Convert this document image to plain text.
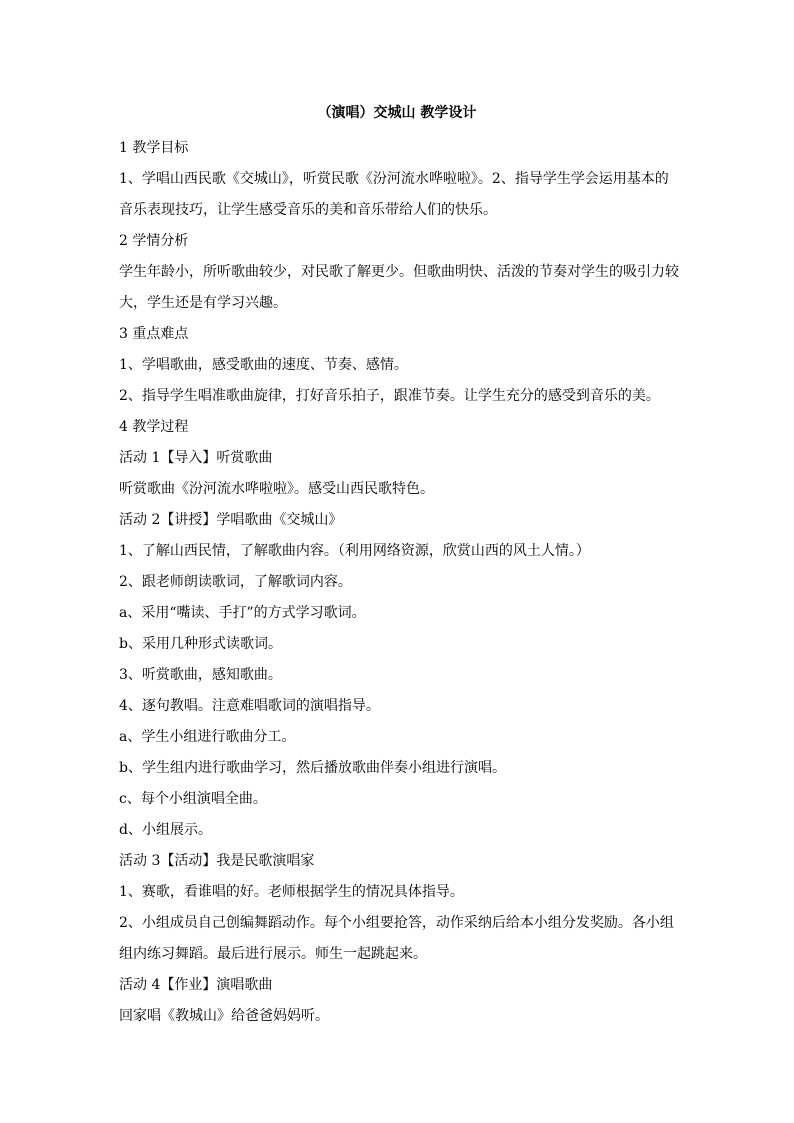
（演唱）交城山 教学设计
1 教学目标
1、学唱山西民歌《交城山》，听赏民歌《汾河流水哗啦啦》。2、指导学生学会运用基本的
音乐表现技巧，让学生感受音乐的美和音乐带给人们的快乐。
2 学情分析
学生年龄小，所听歌曲较少，对民歌了解更少。但歌曲明快、活泼的节奏对学生的吸引力较
大，学生还是有学习兴趣。
3 重点难点
1、学唱歌曲，感受歌曲的速度、节奏、感情。
2、指导学生唱准歌曲旋律，打好音乐拍子，跟准节奏。让学生充分的感受到音乐的美。
4 教学过程
活动 1【导入】听赏歌曲
听赏歌曲《汾河流水哗啦啦》。感受山西民歌特色。
活动 2【讲授】学唱歌曲《交城山》
1、了解山西民情，了解歌曲内容。（利用网络资源，欣赏山西的风土人情。）
2、跟老师朗读歌词，了解歌词内容。
a、采用“嘴读、手打”的方式学习歌词。
b、采用几种形式读歌词。
3、听赏歌曲，感知歌曲。
4、逐句教唱。注意难唱歌词的演唱指导。
a、学生小组进行歌曲分工。
b、学生组内进行歌曲学习，然后播放歌曲伴奏小组进行演唱。
c、每个小组演唱全曲。
d、小组展示。
活动 3【活动】我是民歌演唱家
1、赛歌，看谁唱的好。老师根据学生的情况具体指导。
2、小组成员自己创编舞蹈动作。每个小组要抢答，动作采纳后给本小组分发奖励。各小组
组内练习舞蹈。最后进行展示。师生一起跳起来。
活动 4【作业】演唱歌曲
回家唱《教城山》给爸爸妈妈听。
